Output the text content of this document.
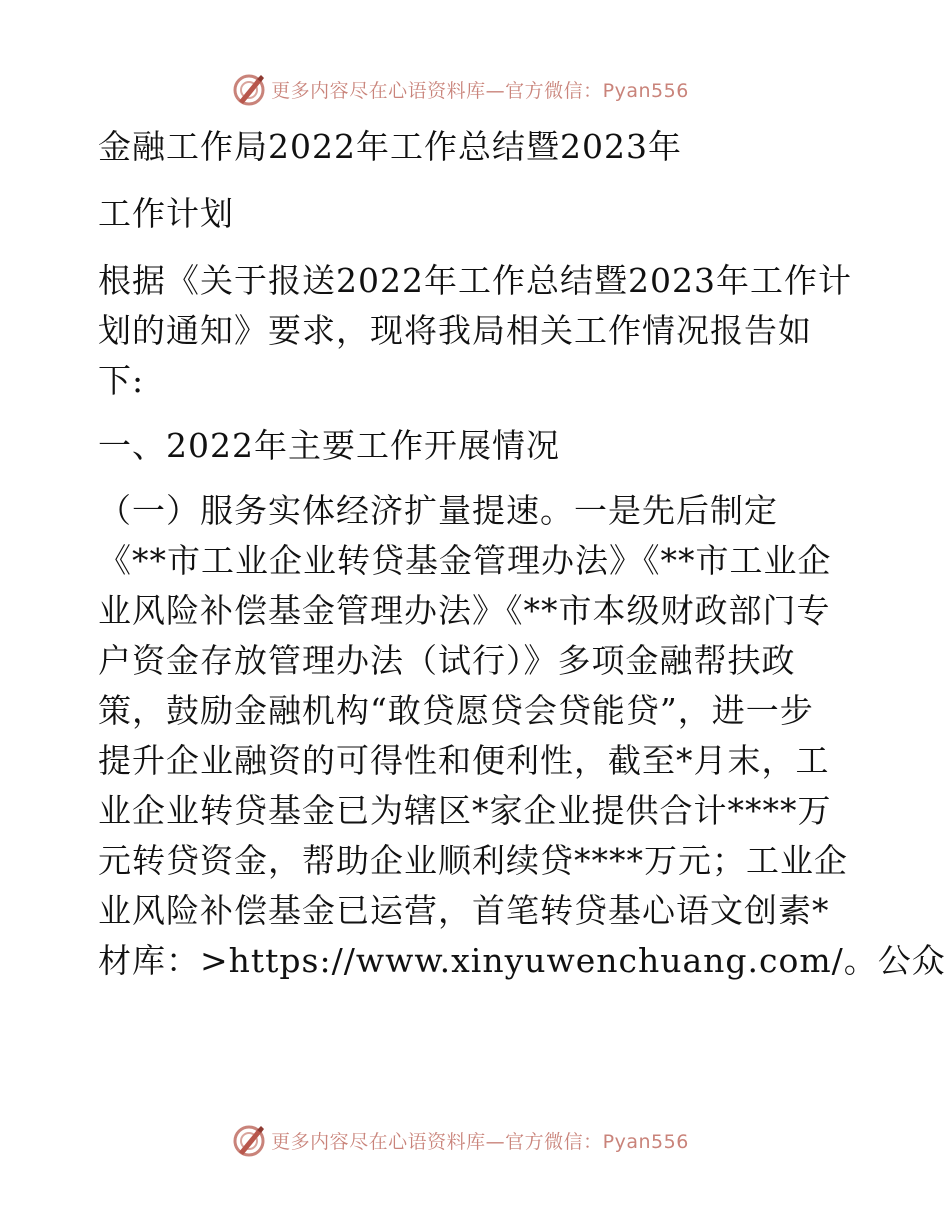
更多内容尽在心语资料库—官方微信：Pyan556
金融工作局2022年工作总结暨2023年
工作计划
根据《关于报送2022年工作总结暨2023年工作计
划的通知》要求，现将我局相关工作情况报告如
下:
一、2022年主要工作开展情况
（一）服务实体经济扩量提速。一是先后制定
《**市工业企业转贷基金管理办法》《**市工业企
业风险补偿基金管理办法》《**市本级财政部门专
户资金存放管理办法（试行）》多项金融帮扶政
策，鼓励金融机构“敢贷愿贷会贷能贷”，进一步
提升企业融资的可得性和便利性，截至*月末，工
业企业转贷基金已为辖区*家企业提供合计****万
元转贷资金，帮助企业顺利续贷****万元；工业企
业风险补偿基金已运营，首笔转贷基心语文创素*
材库：>https://www.xinyuwenchuang.com/。公众
更多内容尽在心语资料库—官方微信：Pyan556
